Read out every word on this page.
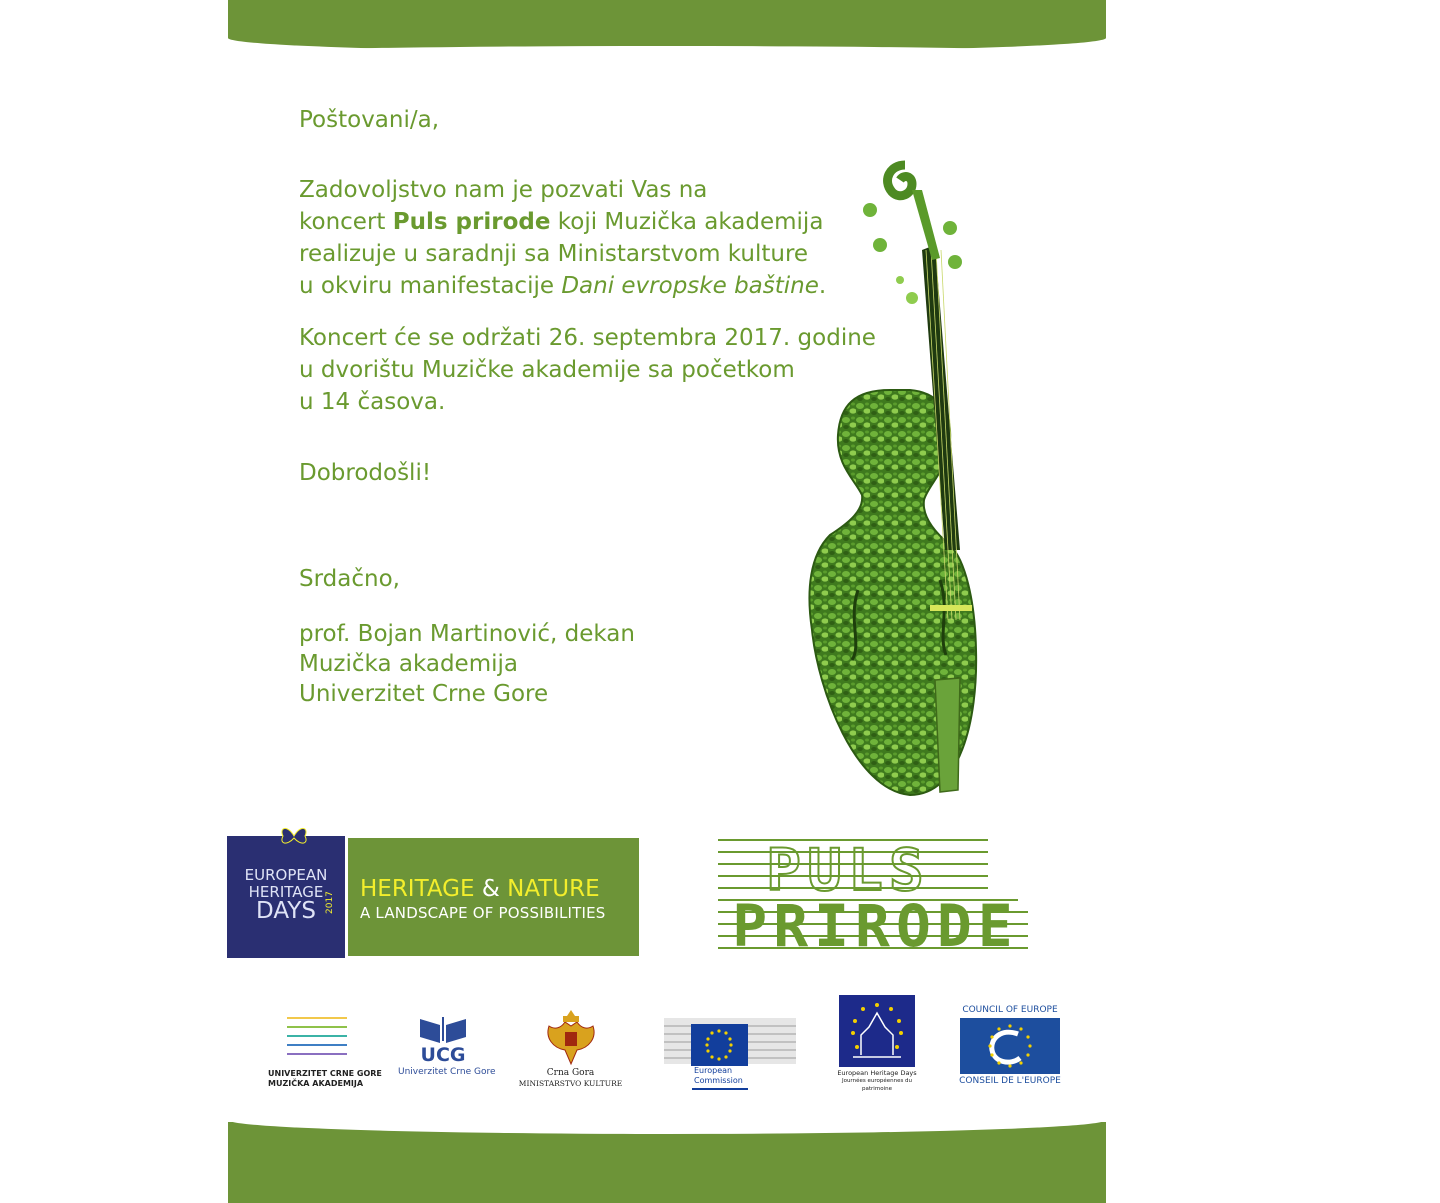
Poštovani/a,

Zadovoljstvo nam je pozvati Vas na

koncert Puls prirode koji Muzička akademija

realizuje u saradnji sa Ministarstvom kulture

u okviru manifestacije Dani evropske baštine.

Koncert će se održati 26. septembra 2017. godine

u dvorištu Muzičke akademije sa početkom

u 14 časova.

Dobrodošli!

Srdačno,

prof. Bojan Martinović, dekan

Muzička akademija

Univerzitet Crne Gore

EUROPEAN
HERITAGE
DAYS	2017
HERITAGE & NATURE
A LANDSCAPE OF POSSIBILITIES
PULS
PRIRODE
UNIVERZITET CRNE GORE
MUZIČKA AKADEMIJA
UCG
Univerzitet Crne Gore	Crna Gora
MINISTARSTVO KULTURE
European
Commission
European Heritage Days
Journées européennes du
patrimoine
COUNCIL OF EUROPE
CONSEIL DE L'EUROPE
